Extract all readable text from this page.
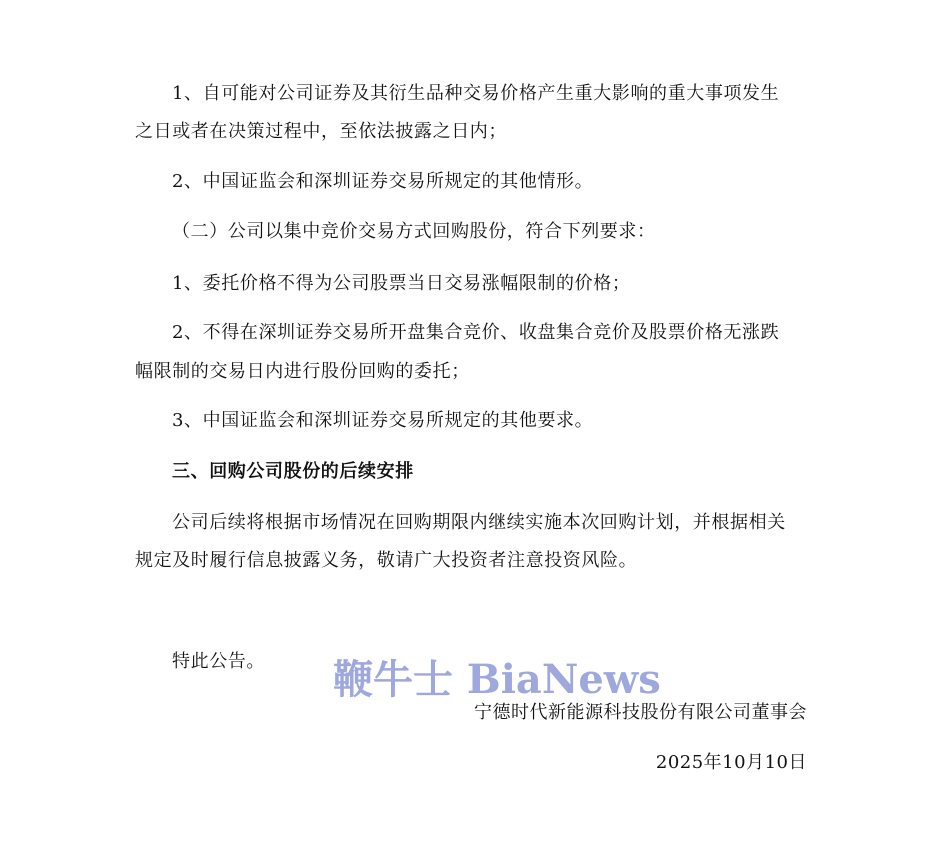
1、自可能对公司证券及其衍生品种交易价格产生重大影响的重大事项发生
之日或者在决策过程中，至依法披露之日内；
2、中国证监会和深圳证券交易所规定的其他情形。
（二）公司以集中竞价交易方式回购股份，符合下列要求：
1、委托价格不得为公司股票当日交易涨幅限制的价格；
2、不得在深圳证券交易所开盘集合竞价、收盘集合竞价及股票价格无涨跌
幅限制的交易日内进行股份回购的委托；
3、中国证监会和深圳证券交易所规定的其他要求。
三、回购公司股份的后续安排
公司后续将根据市场情况在回购期限内继续实施本次回购计划，并根据相关
规定及时履行信息披露义务，敬请广大投资者注意投资风险。
特此公告。	鞭牛士 BiaNews
宁德时代新能源科技股份有限公司董事会
2025年10月10日
